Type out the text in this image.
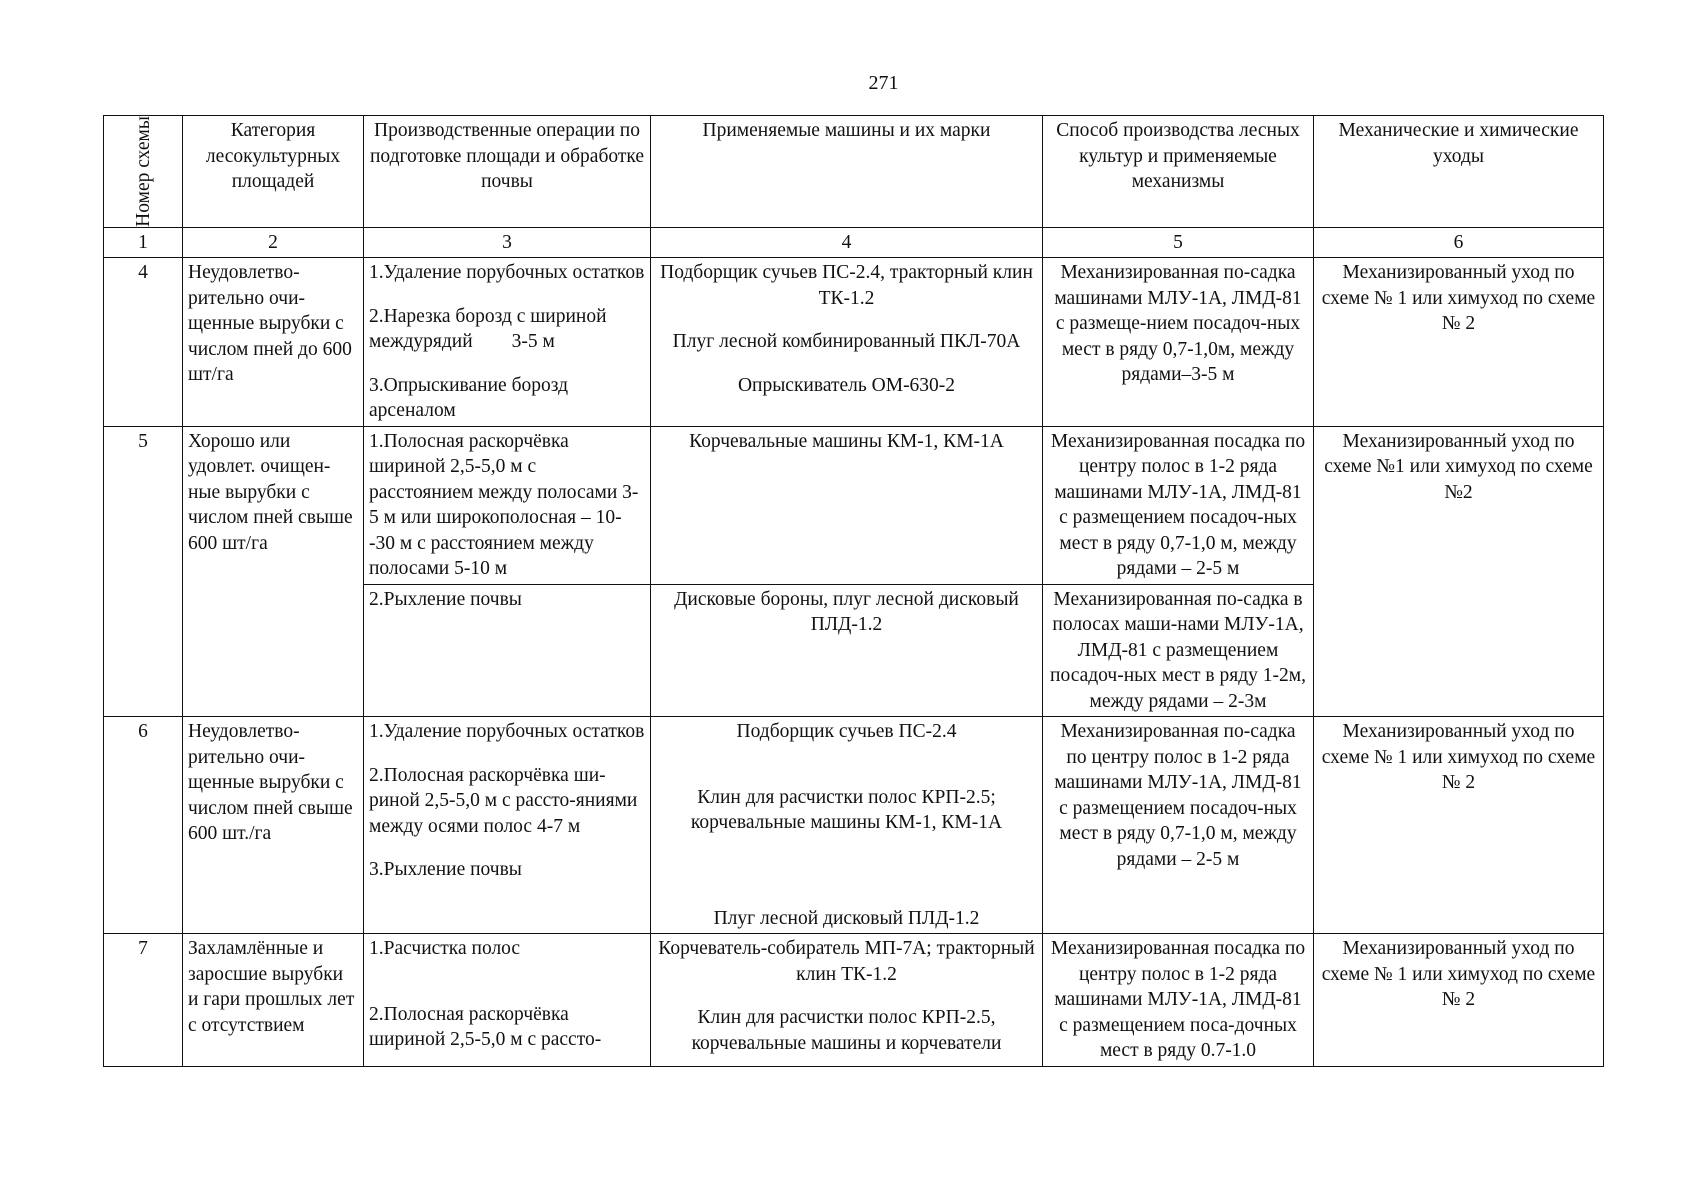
271
Номер схемы	Категория лесокультурных площадей	Производственные операции по подготовке площади и обработке почвы	Применяемые машины и их марки	Способ производства лесных культур и применяемые механизмы	Механические и химические уходы
1	2	3	4	5	6
4	Неудовлетво-рительно очи-щенные вырубки с числом пней до 600 шт/га	1.Удаление порубочных остатков
2.Нарезка борозд с шириной междурядий        3-5 м
3.Опрыскивание борозд арсеналом	Подборщик сучьев ПС-2.4, тракторный клин ТК-1.2
Плуг лесной комбинированный ПКЛ-70А
Опрыскиватель ОМ-630-2	Механизированная по-садка машинами МЛУ-1А, ЛМД-81 с размеще-нием посадоч-ных мест в ряду 0,7-1,0м, между рядами–3-5 м	Механизированный уход по схеме № 1 или химуход по схеме № 2
5	Хорошо или удовлет. очищен-ные вырубки с числом пней свыше 600 шт/га	1.Полосная раскорчёвка шириной 2,5-5,0 м с расстоянием между полосами 3-5 м или широкополосная – 10--30 м с расстоянием между полосами 5-10 м	Корчевальные машины КМ-1, КМ-1А	Механизированная посадка по центру полос в 1-2 ряда машинами МЛУ-1А, ЛМД-81 с размещением посадоч-ных мест в ряду 0,7-1,0 м, между рядами – 2-5 м	Механизированный уход по схеме №1 или химуход по схеме №2
		2.Рыхление почвы	Дисковые бороны, плуг лесной дисковый ПЛД-1.2	Механизированная по-садка в полосах маши-нами МЛУ-1А, ЛМД-81 с размещением посадоч-ных мест в ряду 1-2м, между рядами – 2-3м	
6	Неудовлетво-рительно очи-щенные вырубки с числом пней свыше 600 шт./га	1.Удаление порубочных остатков
2.Полосная раскорчёвка ши-риной 2,5-5,0 м с рассто-яниями между осями полос 4-7 м
3.Рыхление почвы	Подборщик сучьев ПС-2.4
Клин для расчистки полос КРП-2.5; корчевальные машины КМ-1, КМ-1А
Плуг лесной дисковый ПЛД-1.2	Механизированная по-садка по центру полос в 1-2 ряда машинами МЛУ-1А, ЛМД-81 с размещением посадоч-ных мест в ряду 0,7-1,0 м, между рядами – 2-5 м	Механизированный уход по схеме № 1 или химуход по схеме № 2
7	Захламлённые и заросшие вырубки и гари прошлых лет с отсутствием	1.Расчистка полос
2.Полосная раскорчёвка шириной 2,5-5,0 м с рассто-	Корчеватель-собиратель МП-7А; тракторный клин ТК-1.2
Клин для расчистки полос КРП-2.5, корчевальные машины и корчеватели	Механизированная посадка по центру полос в 1-2 ряда машинами МЛУ-1А, ЛМД-81 с размещением поса-дочных мест в ряду 0.7-1.0	Механизированный уход по схеме № 1 или химуход по схеме № 2
